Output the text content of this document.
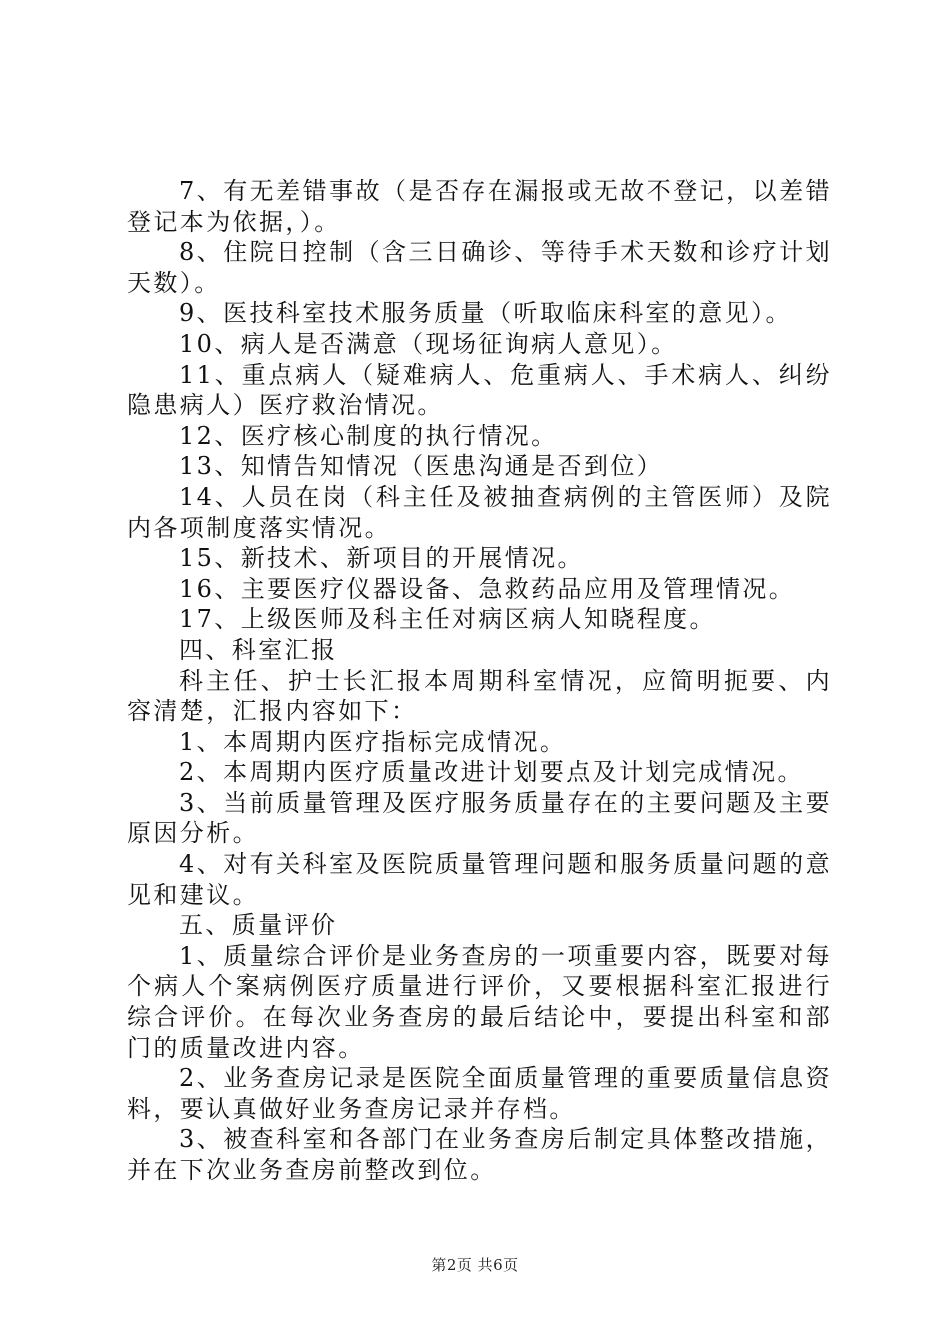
7、有无差错事故（是否存在漏报或无故不登记，以差错登记本为依据，）。

8、住院日控制（含三日确诊、等待手术天数和诊疗计划天数）。

9、医技科室技术服务质量（听取临床科室的意见）。

10、病人是否满意（现场征询病人意见）。

11、重点病人（疑难病人、危重病人、手术病人、纠纷隐患病人）医疗救治情况。

12、医疗核心制度的执行情况。

13、知情告知情况（医患沟通是否到位）

14、人员在岗（科主任及被抽查病例的主管医师）及院内各项制度落实情况。

15、新技术、新项目的开展情况。

16、主要医疗仪器设备、急救药品应用及管理情况。

17、上级医师及科主任对病区病人知晓程度。

四、科室汇报

科主任、护士长汇报本周期科室情况，应简明扼要、内容清楚，汇报内容如下：

1、本周期内医疗指标完成情况。

2、本周期内医疗质量改进计划要点及计划完成情况。

3、当前质量管理及医疗服务质量存在的主要问题及主要原因分析。

4、对有关科室及医院质量管理问题和服务质量问题的意见和建议。

五、质量评价

1、质量综合评价是业务查房的一项重要内容，既要对每个病人个案病例医疗质量进行评价，又要根据科室汇报进行综合评价。在每次业务查房的最后结论中，要提出科室和部门的质量改进内容。

2、业务查房记录是医院全面质量管理的重要质量信息资料，要认真做好业务查房记录并存档。

3、被查科室和各部门在业务查房后制定具体整改措施，并在下次业务查房前整改到位。

第2页 共6页
